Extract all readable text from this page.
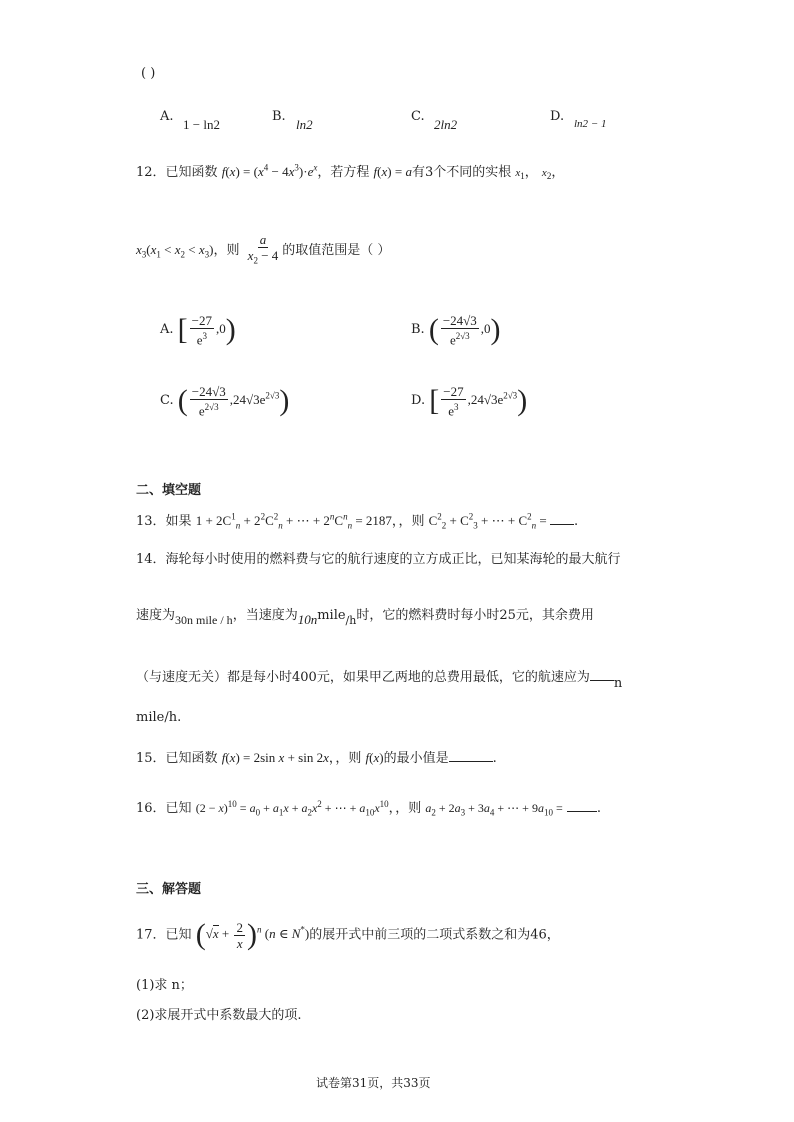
( )
A.
1 − ln2
B.
ln2
C.
2ln2
D. ln2 − 1
12．已知函数 $f(x) = (x^4 - 4x^3)\cdot e^x$，若方程 f(x) = a有3个不同的实根 $x_1$， $x_2$，
$x_3(x_1 < x_2 < x_3)$，则 $\frac{a}{x_2 - 4}$ 的取值范围是（ ）
A. [ $\frac{-27}{e^3} ,0$)	B. ( $\frac{-24√3}{e^{2√3}} ,0$)
C. ( $\frac{-24√3}{e^{2√3}} ,24√3e^{2√3}$)	D. [ $\frac{-27}{e^3} ,24√3e^{2√3}$)
二、填空题
13．如果 $1 + 2C^1_n + 2^2C^2_n$ + ⋯ + $2^nC^n_n = 2187$，，则 $C^2_2 + C^2_3$ + ⋯ + $C^2_n$ = .
14．海轮每小时使用的燃料费与它的航行速度的立方成正比，已知某海轮的最大航行
速度为30n mile / h，当速度为10nmile$_{/h}$时，它的燃料费时每小时25元，其余费用
（与速度无关）都是每小时400元，如果甲乙两地的总费用最低，它的航速应为 n
mile/h.
15．已知函数 f(x) = 2sin x + sin 2x，，则 f(x)的最小值是	.
16．已知 $(2 - x)^{10} = a_0 + a_1x + a_2x^2$ + ⋯ + $a_{10}x^{10}$，，则 $a_2 + 2a_3 + 3a_4$ + ⋯ + $9a_{10}$ =	.
三、解答题
17．已知 $(√x + \frac{2}{x} )^n$ (n ∈ N*)的展开式中前三项的二项式系数之和为46，
(1)求 n；
(2)求展开式中系数最大的项.
试卷第31页，共33页
